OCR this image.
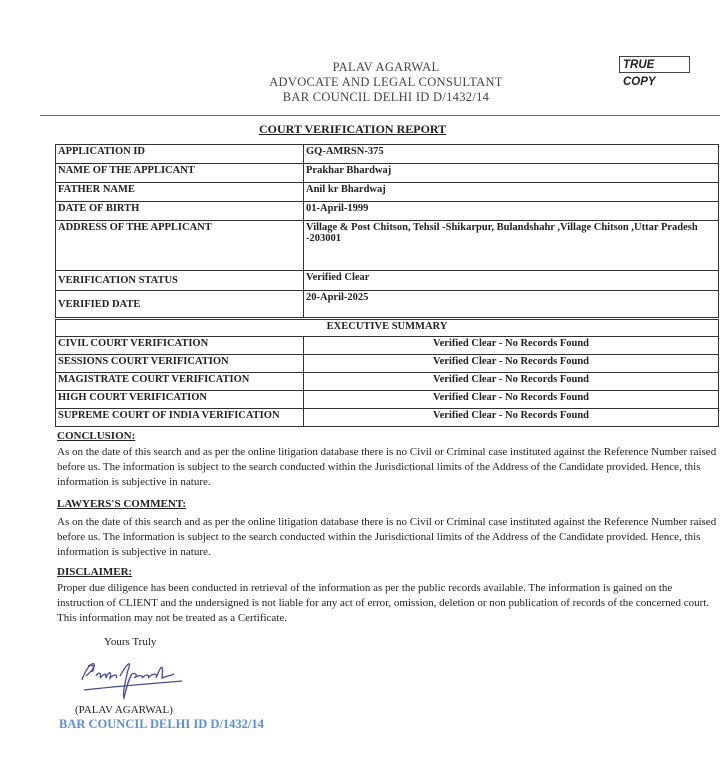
PALAV AGARWAL
ADVOCATE AND LEGAL CONSULTANT
BAR COUNCIL DELHI ID D/1432/14
TRUE COPY
COURT VERIFICATION REPORT
APPLICATION ID	GQ-AMRSN-375
NAME OF THE APPLICANT	Prakhar Bhardwaj
FATHER NAME	Anil kr Bhardwaj
DATE OF BIRTH	01-April-1999
ADDRESS OF THE APPLICANT	Village & Post Chitson, Tehsil -Shikarpur, Bulandshahr ,Village Chitson ,Uttar Pradesh -203001
VERIFICATION STATUS	Verified Clear
VERIFIED DATE	20-April-2025
EXECUTIVE SUMMARY	
CIVIL COURT VERIFICATION	Verified Clear - No Records Found
SESSIONS COURT VERIFICATION	Verified Clear - No Records Found
MAGISTRATE COURT VERIFICATION	Verified Clear - No Records Found
HIGH COURT VERIFICATION	Verified Clear - No Records Found
SUPREME COURT OF INDIA VERIFICATION	Verified Clear - No Records Found
CONCLUSION:
As on the date of this search and as per the online litigation database there is no Civil or Criminal case instituted against the Reference Number raised before us. The information is subject to the search conducted within the Jurisdictional limits of the Address of the Candidate provided. Hence, this information is subjective in nature.
LAWYERS'S COMMENT:
As on the date of this search and as per the online litigation database there is no Civil or Criminal case instituted against the Reference Number raised before us. The information is subject to the search conducted within the Jurisdictional limits of the Address of the Candidate provided. Hence, this information is subjective in nature.
DISCLAIMER:
Proper due diligence has been conducted in retrieval of the information as per the public records available. The information is gained on the instruction of CLIENT and the undersigned is not liable for any act of error, omission, deletion or non publication of records of the concerned court. This information may not be treated as a Certificate.
Yours Truly
(PALAV AGARWAL)
BAR COUNCIL DELHI ID D/1432/14
